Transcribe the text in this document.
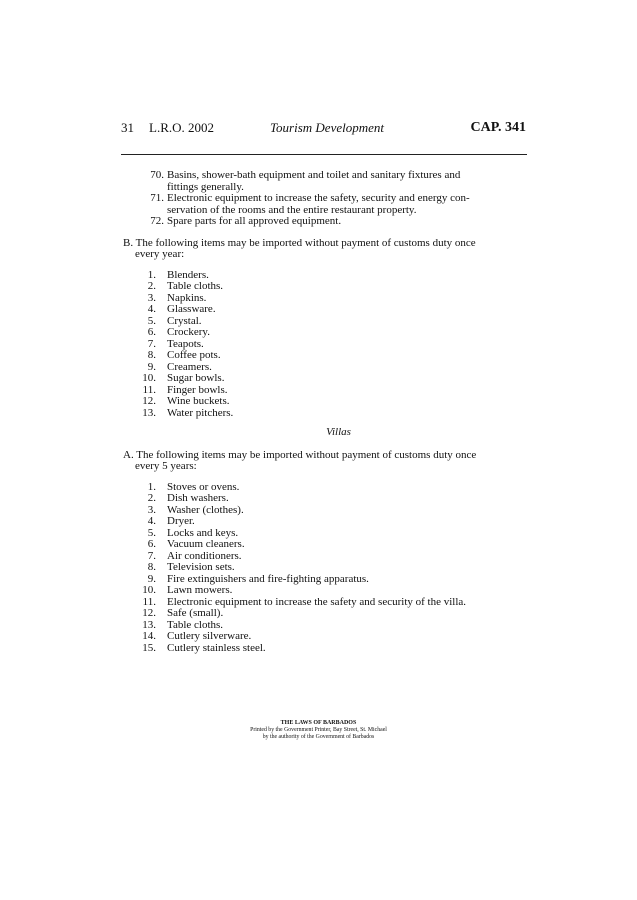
31 L.R.O. 2002	Tourism Development	CAP. 341
70. Basins, shower-bath equipment and toilet and sanitary fixtures and fittings generally.
71. Electronic equipment to increase the safety, security and energy con- servation of the rooms and the entire restaurant property.
72. Spare parts for all approved equipment.
B. The following items may be imported without payment of customs duty once every year:
1. Blenders.
2. Table cloths.
3. Napkins.
4. Glassware.
5. Crystal.
6. Crockery.
7. Teapots.
8. Coffee pots.
9. Creamers.
10. Sugar bowls.
11. Finger bowls.
12. Wine buckets.
13. Water pitchers.
Villas
A. The following items may be imported without payment of customs duty once every 5 years:
1. Stoves or ovens.
2. Dish washers.
3. Washer (clothes).
4. Dryer.
5. Locks and keys.
6. Vacuum cleaners.
7. Air conditioners.
8. Television sets.
9. Fire extinguishers and fire-fighting apparatus.
10. Lawn mowers.
11. Electronic equipment to increase the safety and security of the villa.
12. Safe (small).
13. Table cloths.
14. Cutlery silverware.
15. Cutlery stainless steel.
THE LAWS OF BARBADOS
Printed by the Government Printer, Bay Street, St. Michael
by the authority of the Government of Barbados
